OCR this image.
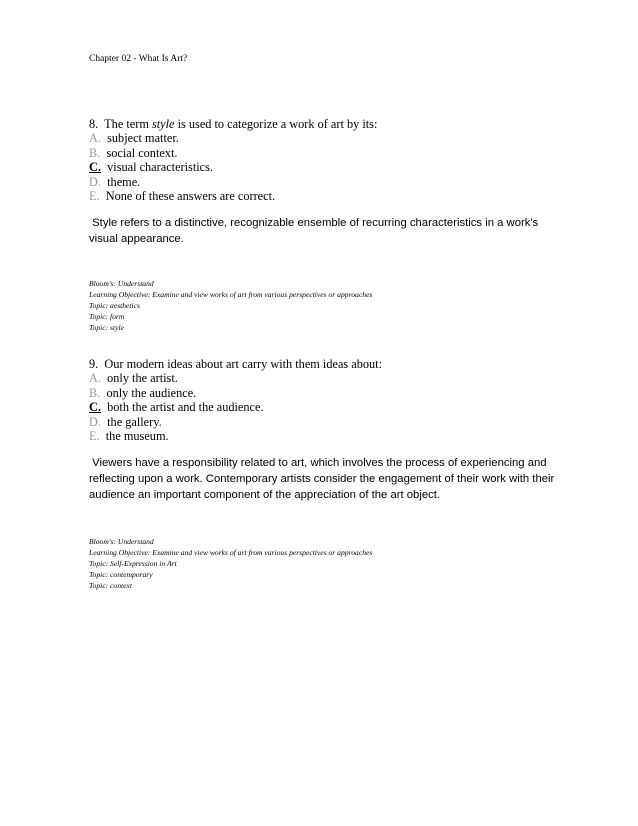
Chapter 02 - What Is Art?

8. The term style is used to categorize a work of art by its:

A. subject matter.

B. social context.

C. visual characteristics.

D. theme.

E. None of these answers are correct.

Style refers to a distinctive, recognizable ensemble of recurring characteristics in a work's visual appearance.
Bloom's: Understand
Learning Objective: Examine and view works of art from various perspectives or approaches
Topic: aesthetics
Topic: form
Topic: style

9. Our modern ideas about art carry with them ideas about:

A. only the artist.

B. only the audience.

C. both the artist and the audience.

D. the gallery.

E. the museum.

Viewers have a responsibility related to art, which involves the process of experiencing and reflecting upon a work. Contemporary artists consider the engagement of their work with their audience an important component of the appreciation of the art object.
Bloom's: Understand
Learning Objective: Examine and view works of art from various perspectives or approaches
Topic: Self-Expression in Art
Topic: contemporary
Topic: context
